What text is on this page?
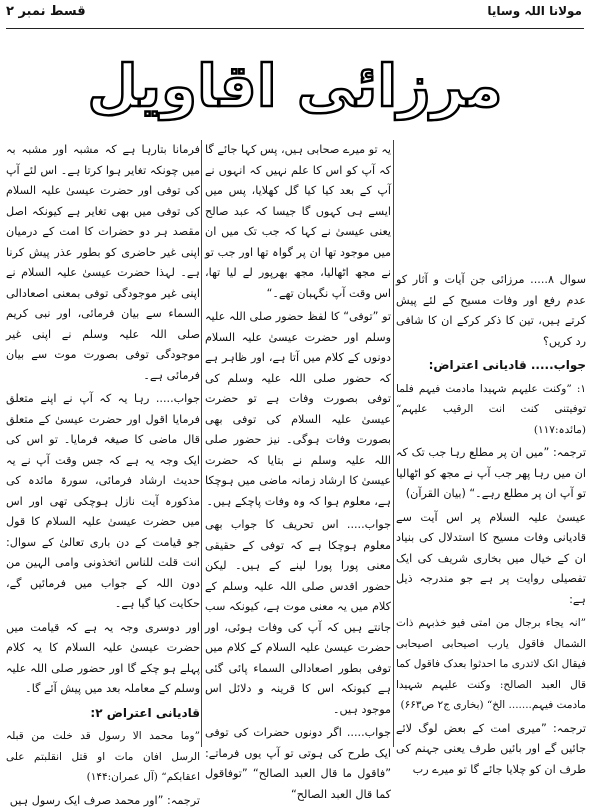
قسط نمبر ۲	مولانا اللہ وسایا
مرزائی اقاویل

سوال ۸..... مرزائی جن آیات و آثار کو عدم رفع اور وفات مسیح کے لئے پیش کرتے ہیں، تین کا ذکر کرکے ان کا شافی رد کریں؟

جواب..... قادیانی اعتراض:

۱: ”وکنت علیہم شہیدا مادمت فیہم فلما توفیتنی کنت انت الرقیب علیہم“ (مائدہ:۱۱۷)

ترجمہ: ”میں ان پر مطلع رہا جب تک کہ ان میں رہا پھر جب آپ نے مجھ کو اٹھالیا تو آپ ان پر مطلع رہے۔“ (بیان القرآن)

عیسیٰ علیہ السلام پر اس آیت سے قادیانی وفات مسیح کا استدلال کی بنیاد ان کے خیال میں بخاری شریف کی ایک تفصیلی روایت پر ہے جو مندرجہ ذیل ہے:

”انہ یجاء برجال من امتی فیو خذبہم ذات الشمال فاقول یارب اصیحابی اصیحابی فیقال انک لاتدری ما احدثوا بعدک فاقول کما قال العبد الصالح: وکنت علیہم شہیدا مادمت فیہم....... الخ“ (بخاری ج۲ ص۶۶۳)

ترجمہ: ”میری امت کے بعض لوگ لائے جائیں گے اور بائیں طرف یعنی جہنم کی طرف ان کو چلایا جائے گا تو میرے رب

یہ تو میرے صحابی ہیں، پس کہا جائے گا کہ آپ کو اس کا علم نہیں کہ انہوں نے آپ کے بعد کیا کیا گل کھلایا، پس میں ایسے ہی کہوں گا جیسا کہ عبد صالح یعنی عیسیٰ نے کہا کہ جب تک میں ان میں موجود تھا ان پر گواہ تھا اور جب تو نے مجھ اٹھالیا، مجھ بھرپور لے لیا تھا، اس وقت آپ نگہبان تھے۔“

تو ”توفی“ کا لفظ حضور صلی اللہ علیہ وسلم اور حضرت عیسیٰ علیہ السلام دونوں کے کلام میں آتا ہے، اور ظاہر ہے کہ حضور صلی اللہ علیہ وسلم کی توفی بصورت وفات ہے تو حضرت عیسیٰ علیہ السلام کی توفی بھی بصورت وفات ہوگی۔ نیز حضور صلی اللہ علیہ وسلم نے بتایا کہ حضرت عیسیٰ کا ارشاد زمانہ ماضی میں ہوچکا ہے، معلوم ہوا کہ وہ وفات پاچکے ہیں۔

جواب..... اس تحریف کا جواب بھی معلوم ہوچکا ہے کہ توفی کے حقیقی معنی پورا پورا لینے کے ہیں۔ لیکن حضور اقدس صلی اللہ علیہ وسلم کے کلام میں یہ معنی موت ہے، کیونکہ سب جانتے ہیں کہ آپ کی وفات ہوئی، اور حضرت عیسیٰ علیہ السلام کے کلام میں توفی بطور اصعادالی السماء پائی گئی ہے کیونکہ اس کا قرینہ و دلائل اس موجود ہیں۔

جواب..... اگر دونوں حضرات کی توفی ایک طرح کی ہوتی تو آپ یوں فرماتے: ”فاقول ما قال العبد الصالح“ ”توفاقول کما قال العبد الصالح“

فرمانا بتارہا ہے کہ مشبہ اور مشبہ بہ میں چونکہ تغایر ہوا کرتا ہے۔ اس لئے آپ کی توفی اور حضرت عیسیٰ علیہ السلام کی توفی میں بھی تغایر ہے کیونکہ اصل مقصد ہر دو حضرات کا امت کے درمیان اپنی غیر حاضری کو بطور عذر پیش کرنا ہے۔ لہذا حضرت عیسیٰ علیہ السلام نے اپنی غیر موجودگی توفی بمعنی اصعادالی السماء سے بیان فرمائی، اور نبی کریم صلی اللہ علیہ وسلم نے اپنی غیر موجودگی توفی بصورت موت سے بیان فرمائی ہے۔

جواب..... رہا یہ کہ آپ نے اپنے متعلق فرمایا اقول اور حضرت عیسیٰ کے متعلق قال ماضی کا صیغہ فرمایا۔ تو اس کی ایک وجہ یہ ہے کہ جس وقت آپ نے یہ حدیث ارشاد فرمائی، سورۃ مائدہ کی مذکورہ آیت نازل ہوچکی تھی اور اس میں حضرت عیسیٰ علیہ السلام کا قول جو قیامت کے دن باری تعالیٰ کے سوال: انت قلت للناس اتخذونی وامی الہین من دون اللہ کے جواب میں فرمائیں گے، حکایت کیا گیا ہے۔

اور دوسری وجہ یہ ہے کہ قیامت میں حضرت عیسیٰ علیہ السلام کا یہ کلام پہلے ہو چکے گا اور حضور صلی اللہ علیہ وسلم کے معاملہ بعد میں پیش آئے گا۔

قادیانی اعتراض ۲:

”وما محمد الا رسول قد خلت من قبلہ الرسل افان مات او قتل انقلبتم علی اعقابکم“ (آل عمران:۱۴۴)

ترجمہ: ”اور محمد صرف ایک رسول ہیں
